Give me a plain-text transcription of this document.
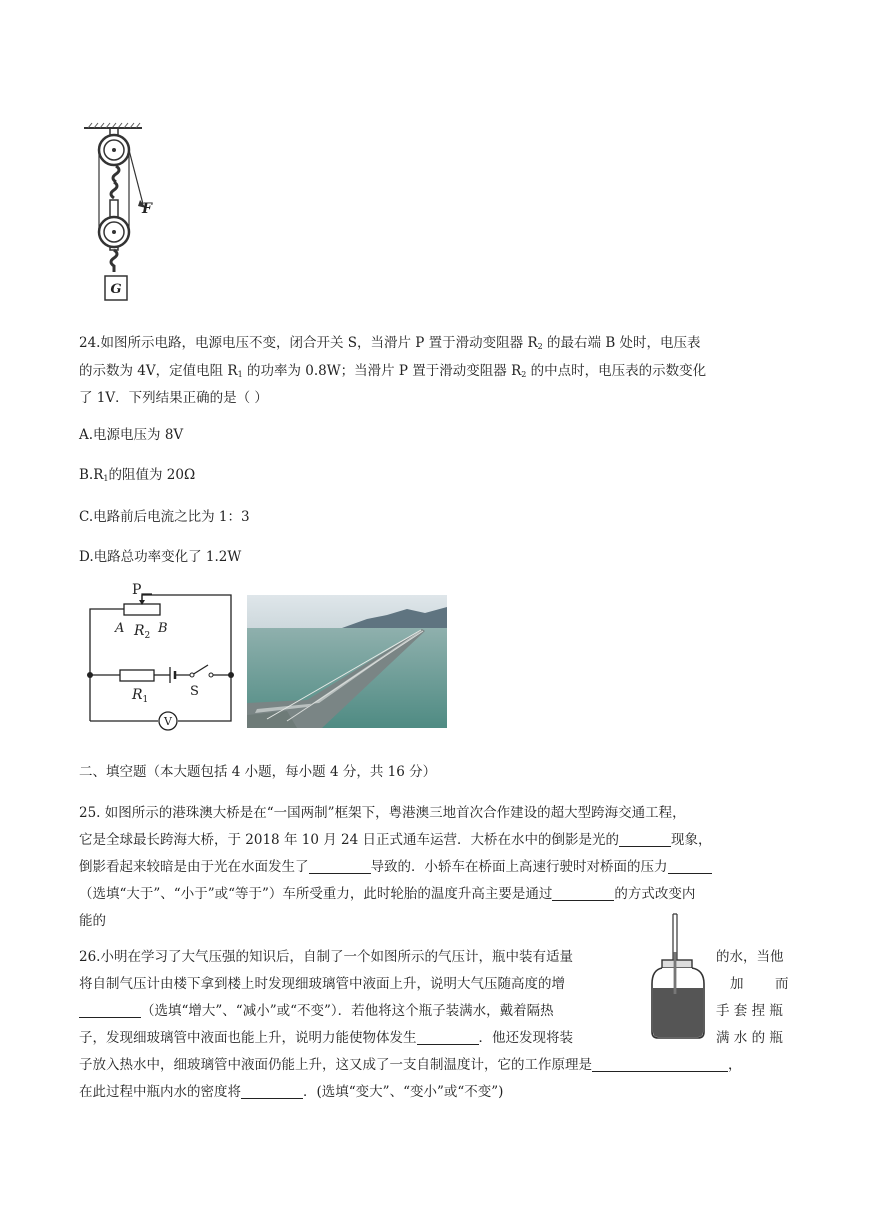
F
G
24.如图所示电路，电源电压不变，闭合开关 S，当滑片 P 置于滑动变阻器 $R_2$ 的最右端 B 处时，电压表
的示数为 4V，定值电阻 $R_1$ 的功率为 0.8W；当滑片 P 置于滑动变阻器 $R_2$ 的中点时，电压表的示数变化
了 1V．下列结果正确的是（ ）
A.电源电压为 8V
$B.R_1$的阻值为 20Ω
C.电路前后电流之比为 1：3
D.电路总功率变化了 1.2W
P
A $R_2$ B
$R_1$
S
V
二、填空题（本大题包括 4 小题，每小题 4 分，共 16 分）
25. 如图所示的港珠澳大桥是在“一国两制”框架下，粤港澳三地首次合作建设的超大型跨海交通工程，
它是全球最长跨海大桥，于 2018 年 10 月 24 日正式通车运营．大桥在水中的倒影是光的	现象，
倒影看起来较暗是由于光在水面发生了	导致的．小轿车在桥面上高速行驶时对桥面的压力
（选填“大于”、“小于”或“等于”）车所受重力，此时轮胎的温度升高主要是通过	的方式改变内
能的
26.小明在学习了大气压强的知识后，自制了一个如图所示的气压计，瓶中装有适量	的水，当他
将自制气压计由楼下拿到楼上时发现细玻璃管中液面上升，说明大气压随高度的增	加 而
（选填“增大”、“减小”或“不变”）．若他将这个瓶子装满水，戴着隔热	手 套 捏 瓶
子，发现细玻璃管中液面也能上升，说明力能使物体发生	．他还发现将装	满 水 的 瓶
子放入热水中，细玻璃管中液面仍能上升，这又成了一支自制温度计，它的工作原理是	，
在此过程中瓶内水的密度将	．(选填“变大”、“变小”或“不变”)
